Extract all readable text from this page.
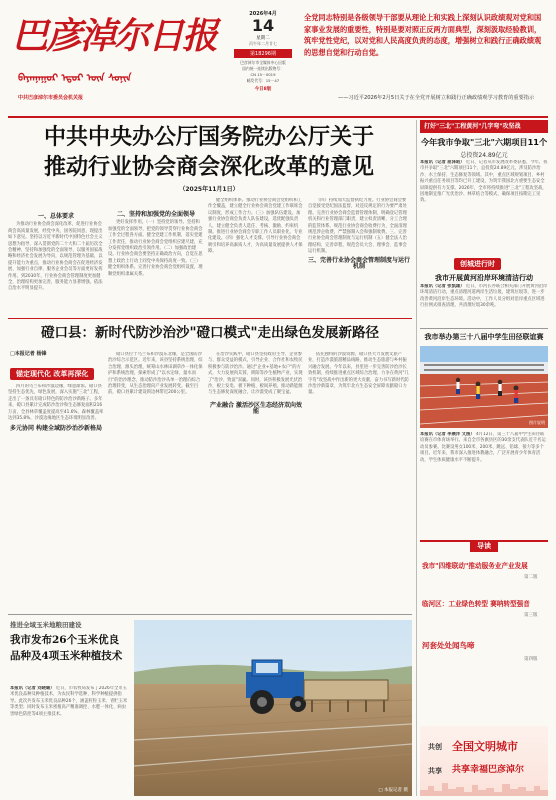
巴彦淖尔日报
ᠪᠠᠶᠠᠨᠨᠠᠭᠤᠷ ᠡᠳᠦᠷ ᠦᠨ ᠰᠣᠨᠢᠨ
中共巴彦淖尔市委员会机关报
2026年4月
14
星期二
丙午年二月廿七
第18296期
巴彦淖尔市全媒体中心出版
国内统一连续出版物号：
CN 15－0019
邮发代号：15－47
今日8版
全党同志特别是各级领导干部要从理论上和实践上深刻认识政绩观对党和国家事业发展的重要性，特别是要对照正反两方面典型，深刻汲取经验教训，筑牢党性党纪，以对党和人民高度负责的态度，增强树立和践行正确政绩观的思想自觉和行动自觉。
——习近平2026年2月5日关于在全党开展树立和践行正确政绩观学习教育的重要指示
中共中央办公厅国务院办公厅关于
推动行业协会商会深化改革的意见
（2025年11月1日）
一、总体要求

为推动行业协会商会深化改革，促进行业协会商会高质量发展，经党中央、国务院同意，现提出如下意见。坚持以习近平新时代中国特色社会主义思想为指导，深入贯彻党的二十大和二十届历次全会精神，坚持和加强党的全面领导，以服务国家战略和经济社会发展为导向，以规范管理为基础，以提升能力为重点，推动行业协会商会在促进经济发展、加强行业自律、服务企业会员等方面更好发挥作用。到2030年，行业协会商会管理制度更加健全，治理结构更加完善，服务能力显著增强，依法自治水平明显提升。

二、坚持和加强党的全面领导

更好发挥作用。（一）坚持党的领导。坚持和加强党的全面领导，把党的领导贯穿行业协会商会工作全过程各方面。健全党建工作机制，落实党建工作责任，推动行业协会商会党组织应建尽建，充分发挥党组织政治引领作用。（二）加强政治建设。行业协会商会要坚持正确政治方向，自觉在思想上政治上行动上同党中央保持高度一致。（三）健全组织体系。完善行业协会商会党组织设置，理顺党组织隶属关系。

健全组织体系。推动行业协会商会党组织和工作全覆盖，建立健全行业协会商会党建工作联席会议制度，形成工作合力。（三）加强队伍建设。加强行业协会商会负责人队伍建设，选优配强负责人，建立健全负责人选任、考核、激励、约束机制。推进行业协会商会专职工作人员职业化、专业化建设。（四）强化人才支撑。引导行业协会商会吸引和培养高素质人才，为高质量发展提供人才保障。

（四）持续加大监督执纪力度。行业协会商会要自觉接受党纪国法监督，对违反规定的行为要严肃处理。完善行业协会商会监督管理体制，明确登记管理机关和行业管理部门职责，建立权责清晰、分工合理的监管体系。规范行业协会商会收费行为，全面清理规范涉企收费，严禁强制入会和强制收费。三、完善行业协会商会管理制度与运行机制（五）健全法人治理结构，完善章程，规范会员大会、理事会、监事会运行机制。

三、完善行业协会商会管理制度与运行机制
磴口县：新时代防沙治沙"磴口模式"走出绿色发展新路径
□本报记者 杨锋
锚定现代化 改革再深化

四月的乌兰布和沙漠边缘，绿意渐浓。磴口县坚持生态优先、绿色发展，深入实施"三北"工程，走出了一条具有磴口特色的防沙治沙新路子。多年来，磴口县累计完成防沙治沙和生态修复面积216万亩，全县林草覆盖度提高至41.6%，森林覆盖率达到35.8%，沙漠边缘地区生态环境明显改善。

多元协同 构建全域防沙治沙新格局

磴口县位于乌兰布和沙漠东北缘，是全国防沙治沙综合示范区。近年来，该县坚持系统治理、综合治理、源头治理，统筹山水林田湖草沙一体化保护和系统治理，探索形成了"以水定绿、量水而行"的治沙理念，推动防沙治沙从单一治理向综合治理转变，从生态治理向产业发展转变。截至目前，磴口县累计建设锁边林带近200公里。

在治沙实践中，磴口县坚持政府主导、企业参与、群众受益的模式，引导企业、合作社和农牧民积极参与防沙治沙。通过"企业+基地+农户"的方式，大力发展肉苁蓉、锁阳等沙生植物产业，实现了"治沙、致富"双赢。同时，该县积极发展光伏治沙，板上发电、板下种植、板间养殖，推动新能源与生态修复深度融合，让沙漠变成了聚宝盆。

产业融合 激活沙区生态经济双向效能

依托独特的沙漠资源，磴口县大力发展文旅产业，打造沙漠旅游精品线路，推动生态旅游与乡村振兴融合发展。今年以来，县里进一步完善防沙治沙长效机制，持续推进重点区域综合治理，力争在黄河"几字弯"攻坚战中作出新的更大贡献，奋力书写新时代防沙治沙新篇章，为筑牢北方生态安全屏障贡献磴口力量。

推进全域玉米地粮田建设
我市发布26个玉米优良品种及4项玉米种植技术
本报讯（记者 刘晓璐） 近日，市农牧局发布了2026年全市玉米优良品种及种植技术，为农民科学选种、科学种植提供指导。此次共发布玉米优良品种26个，涵盖籽粒玉米、青贮玉米等类型；同时发布玉米密植高产精准调控、水肥一体化、病虫害绿色防控等4项主推技术。
□ 本报记者 摄
打好"三北"工程黄河"几字弯"攻坚战
今年我市争取"三北"六期项目11个
总投资24.89亿元
本报讯（记者 屈泽昭） 近日，记者从市发展改革委获悉，今年，我市共争取"三北"六期项目11个，总投资24.89亿元，涉及防沙治沙、水土保持、生态修复等领域。其中，重点区域规划项目、乡村振兴重点任务项目等均已开工建设，为筑牢我国北方重要生态安全屏障提供有力支撑。2026年，全市将持续推进"三北"工程攻坚战，因地制宜推广光伏治沙、林草结合等模式，确保项目按期完工见效。
创城进行时
我市开展黄河沿岸环境清洁行动
本报讯（记者 张凯雄） 近日，市河长办联合相关部门开展黄河沿岸环境清洁行动，重点清理河道两岸生活垃圾、建筑垃圾等，进一步改善黄河沿岸生态环境。活动中，工作人员分组对沿岸重点区域进行拉网式排查清理，共清理垃圾30余吨。
我市举办第三十八届中学生田径联谊赛
图片说明
本报讯（记者 李晨洋 文图） 4月12日，第三十八届中学生田径联谊赛在市体育场举行。来自全市各旗县区的30余支代表队近千名运动员参赛。比赛设男女100米、200米、跳远、铅球、接力等多个项目。近年来，我市深入推进体教融合，广泛开展青少年体育活动，学生体质健康水平不断提升。
导读
我市"四维联动"推动服务业产业发展
第二版
临河区：工业绿色转型 赛呐转型强音
第三版
河套处处闻鸟啼
第四版
共创 全国文明城市
共享 共享幸福巴彦淖尔
